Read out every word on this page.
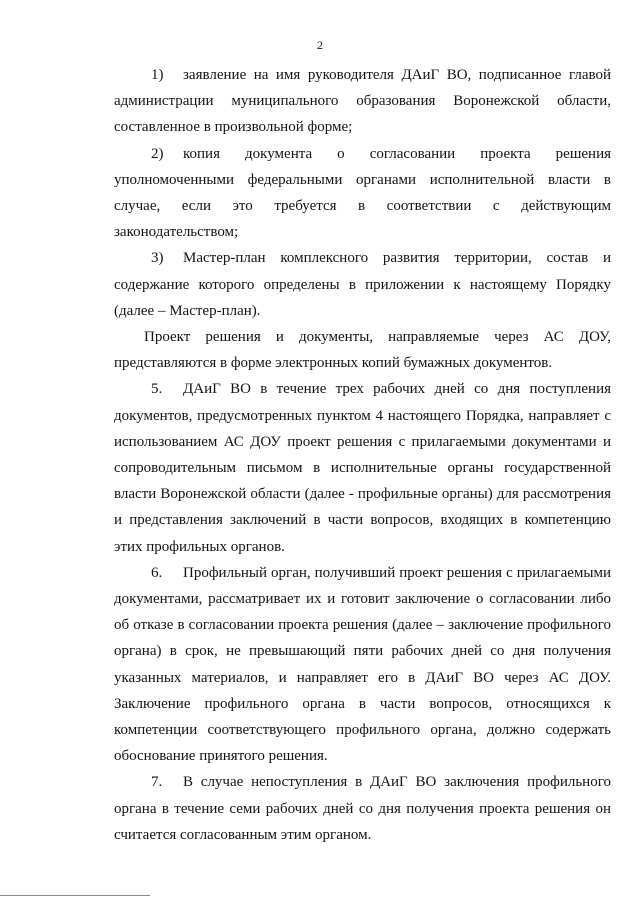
2

1) заявление на имя руководителя ДАиГ ВО, подписанное главой администрации муниципального образования Воронежской области, составленное в произвольной форме;

2) копия документа о согласовании проекта решения уполномоченными федеральными органами исполнительной власти в случае, если это требуется в соответствии с действующим законодательством;

3) Мастер-план комплексного развития территории, состав и содержание которого определены в приложении к настоящему Порядку (далее – Мастер-план).

Проект решения и документы, направляемые через АС ДОУ, представляются в форме электронных копий бумажных документов.

5. ДАиГ ВО в течение трех рабочих дней со дня поступления документов, предусмотренных пунктом 4 настоящего Порядка, направляет с использованием АС ДОУ проект решения с прилагаемыми документами и сопроводительным письмом в исполнительные органы государственной власти Воронежской области (далее - профильные органы) для рассмотрения и представления заключений в части вопросов, входящих в компетенцию этих профильных органов.

6. Профильный орган, получивший проект решения с прилагаемыми документами, рассматривает их и готовит заключение о согласовании либо об отказе в согласовании проекта решения (далее – заключение профильного органа) в срок, не превышающий пяти рабочих дней со дня получения указанных материалов, и направляет его в ДАиГ ВО через АС ДОУ. Заключение профильного органа в части вопросов, относящихся к компетенции соответствующего профильного органа, должно содержать обоснование принятого решения.

7. В случае непоступления в ДАиГ ВО заключения профильного органа в течение семи рабочих дней со дня получения проекта решения он считается согласованным этим органом.
